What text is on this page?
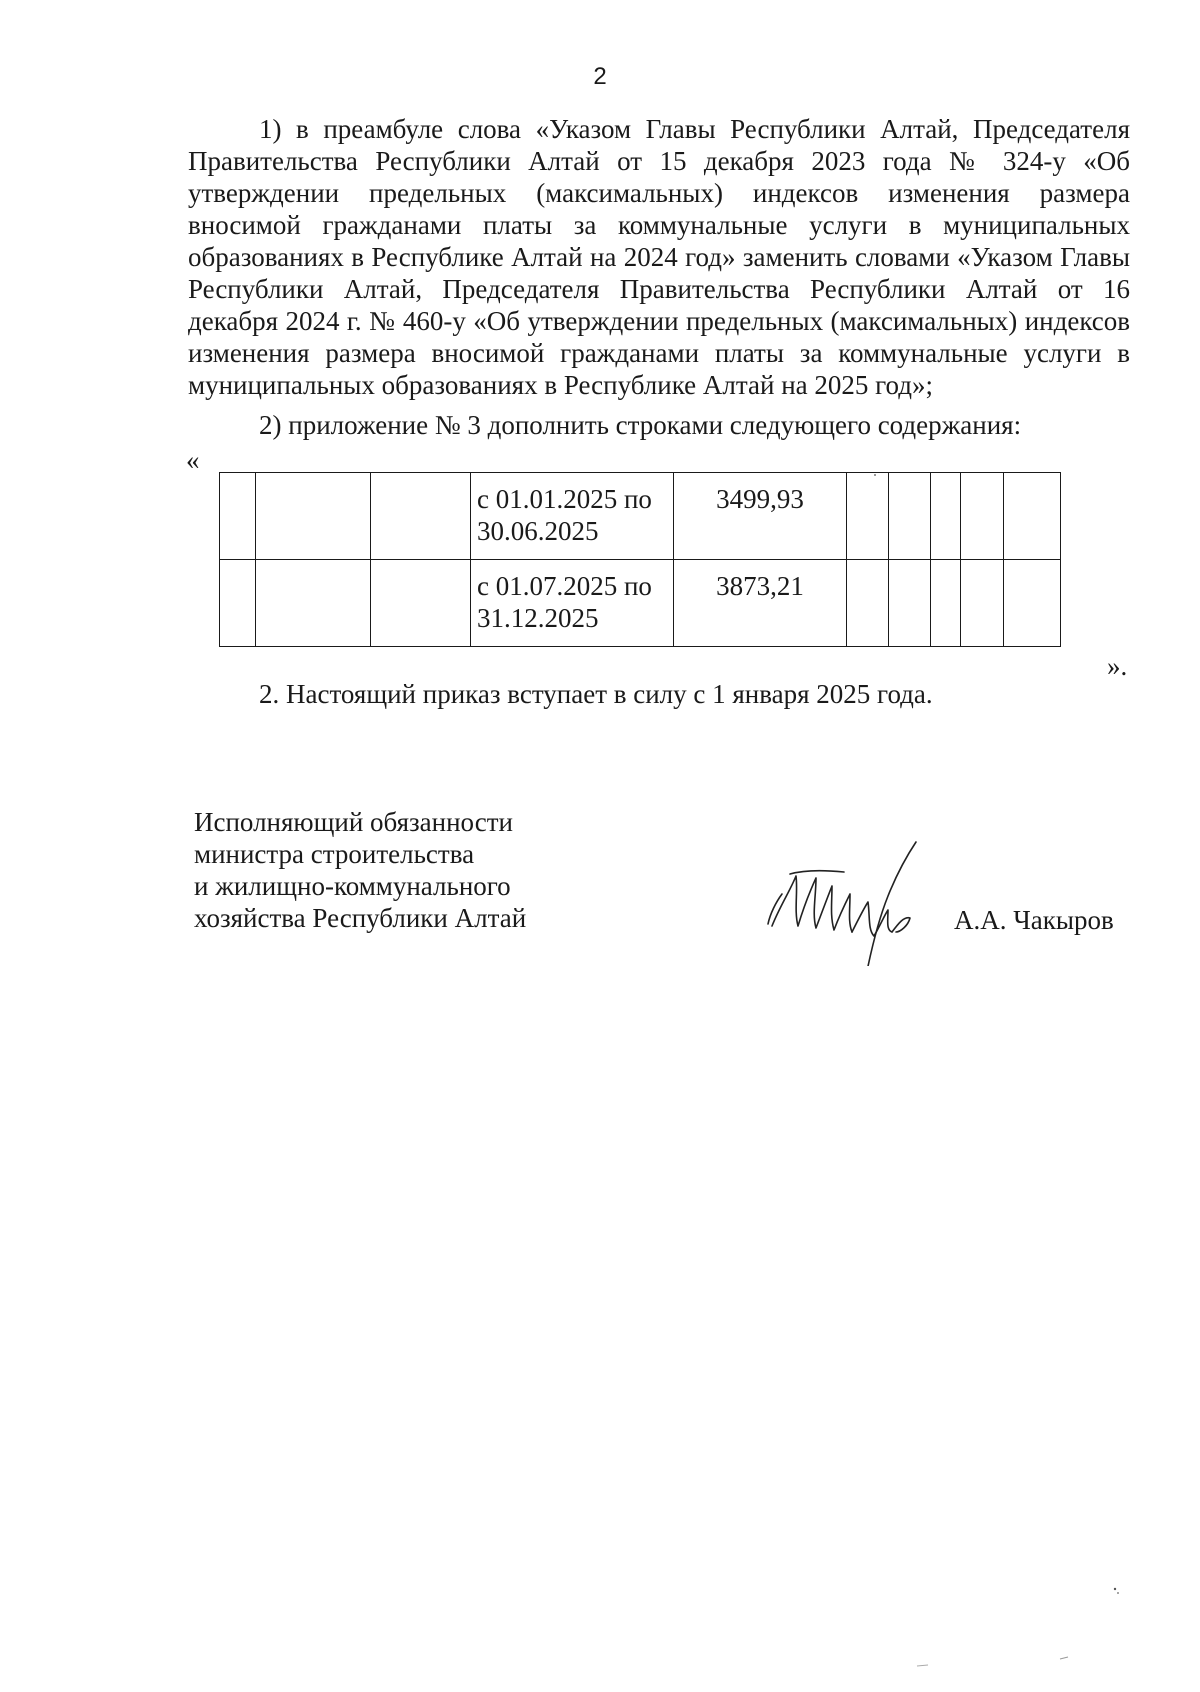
2

1) в преамбуле слова «Указом Главы Республики Алтай, Председателя Правительства Республики Алтай от 15 декабря 2023 года № 324-у «Об утверждении предельных (максимальных) индексов изменения размера вносимой гражданами платы за коммунальные услуги в муниципальных образованиях в Республике Алтай на 2024 год» заменить словами «Указом Главы Республики Алтай, Председателя Правительства Республики Алтай от 16 декабря 2024 г. № 460-у «Об утверждении предельных (максимальных) индексов изменения размера вносимой гражданами платы за коммунальные услуги в муниципальных образованиях в Республике Алтай на 2025 год»;

2) приложение № 3 дополнить строками следующего содержания:

«
			с 01.01.2025 по 30.06.2025	3499,93					
			с 01.07.2025 по 31.12.2025	3873,21					
».
2. Настоящий приказ вступает в силу с 1 января 2025 года.
Исполняющий обязанности
министра строительства
и жилищно-коммунального
хозяйства Республики Алтай	А.А. Чакыров
